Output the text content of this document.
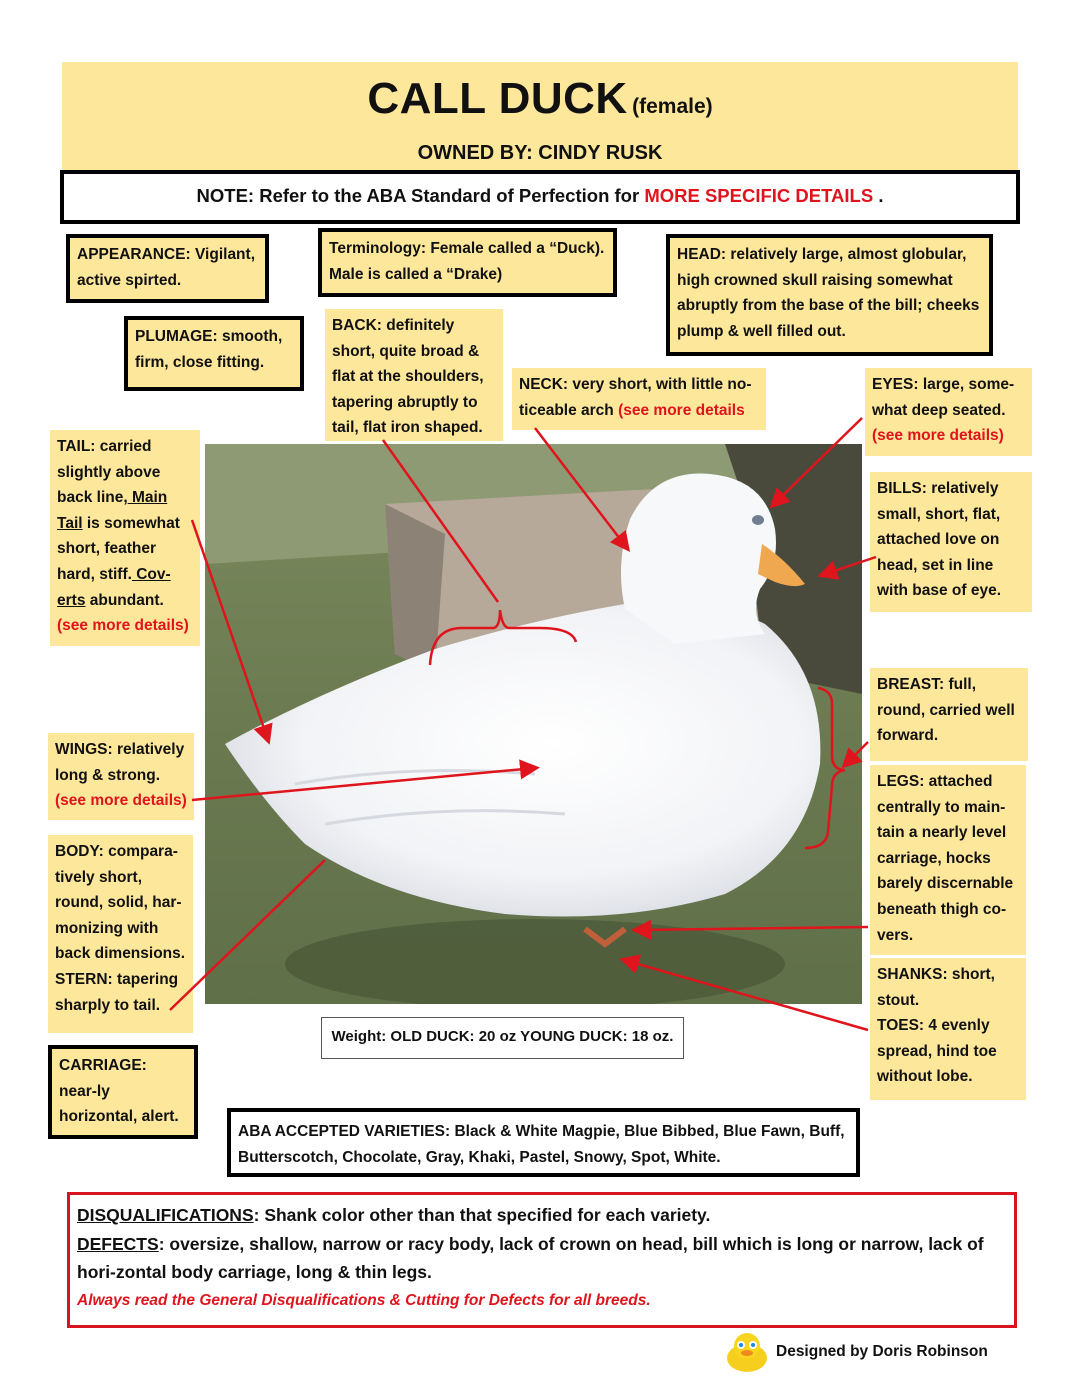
CALL DUCK (female)
OWNED BY: CINDY RUSK
NOTE: Refer to the ABA Standard of Perfection for MORE SPECIFIC DETAILS .
APPEARANCE: Vigilant, active spirted.
Terminology: Female called a “Duck). Male is called a “Drake)
HEAD: relatively large, almost globular, high crowned skull raising somewhat abruptly from the base of the bill; cheeks plump & well filled out.
PLUMAGE: smooth, firm, close fitting.
BACK: definitely short, quite broad & flat at the shoulders, tapering abruptly to tail, flat iron shaped.
NECK: very short, with little no-ticeable arch (see more details
EYES: large, some-what deep seated. (see more details)
TAIL: carried slightly above back line, Main Tail is somewhat short, feather hard, stiff. Cov-erts abundant. (see more details)
BILLS: relatively small, short, flat, attached love on head, set in line with base of eye.
BREAST: full, round, carried well forward.
WINGS: relatively long & strong. (see more details)
LEGS: attached centrally to main-tain a nearly level carriage, hocks barely discernable beneath thigh co-vers.
BODY: compara-tively short, round, solid, har-monizing with back dimensions. STERN: tapering sharply to tail.
SHANKS: short, stout.
TOES: 4 evenly spread, hind toe without lobe.
CARRIAGE: near-ly horizontal, alert.
Weight: OLD DUCK: 20 oz YOUNG DUCK: 18 oz.
ABA ACCEPTED VARIETIES: Black & White Magpie, Blue Bibbed, Blue Fawn, Buff, Butterscotch, Chocolate, Gray, Khaki, Pastel, Snowy, Spot, White.
DISQUALIFICATIONS: Shank color other than that specified for each variety.
DEFECTS: oversize, shallow, narrow or racy body, lack of crown on head, bill which is long or narrow, lack of hori-zontal body carriage, long & thin legs.
Always read the General Disqualifications & Cutting for Defects for all breeds.
Designed by Doris Robinson
